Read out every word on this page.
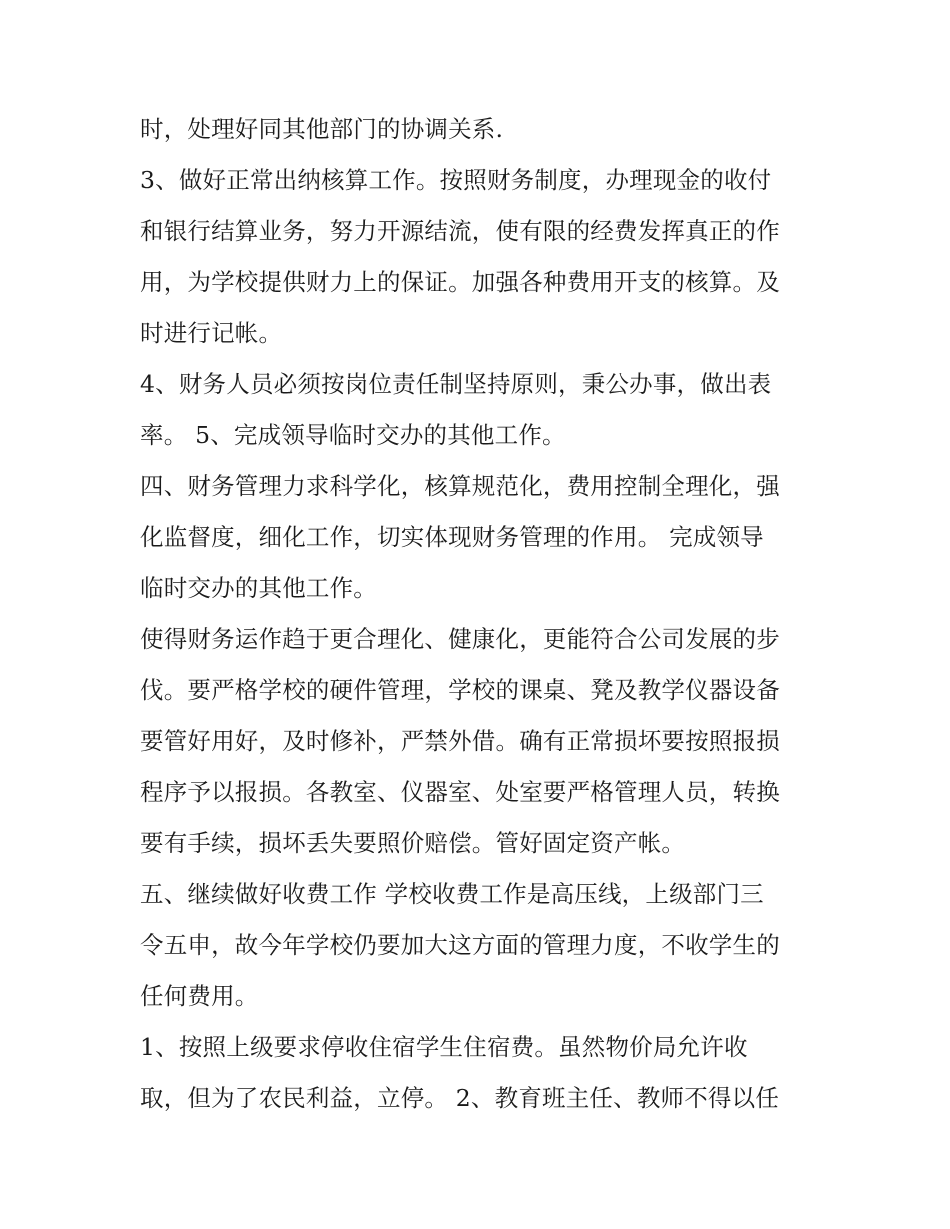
时，处理好同其他部门的协调关系.
3、做好正常出纳核算工作。按照财务制度，办理现金的收付
和银行结算业务，努力开源结流，使有限的经费发挥真正的作
用，为学校提供财力上的保证。加强各种费用开支的核算。及
时进行记帐。
4、财务人员必须按岗位责任制坚持原则，秉公办事，做出表
率。 5、完成领导临时交办的其他工作。
四、财务管理力求科学化，核算规范化，费用控制全理化，强
化监督度，细化工作，切实体现财务管理的作用。 完成领导
临时交办的其他工作。
使得财务运作趋于更合理化、健康化，更能符合公司发展的步
伐。要严格学校的硬件管理，学校的课桌、凳及教学仪器设备
要管好用好，及时修补，严禁外借。确有正常损坏要按照报损
程序予以报损。各教室、仪器室、处室要严格管理人员，转换
要有手续，损坏丢失要照价赔偿。管好固定资产帐。
五、继续做好收费工作 学校收费工作是高压线，上级部门三
令五申，故今年学校仍要加大这方面的管理力度，不收学生的
任何费用。
1、按照上级要求停收住宿学生住宿费。虽然物价局允许收
取，但为了农民利益，立停。 2、教育班主任、教师不得以任
